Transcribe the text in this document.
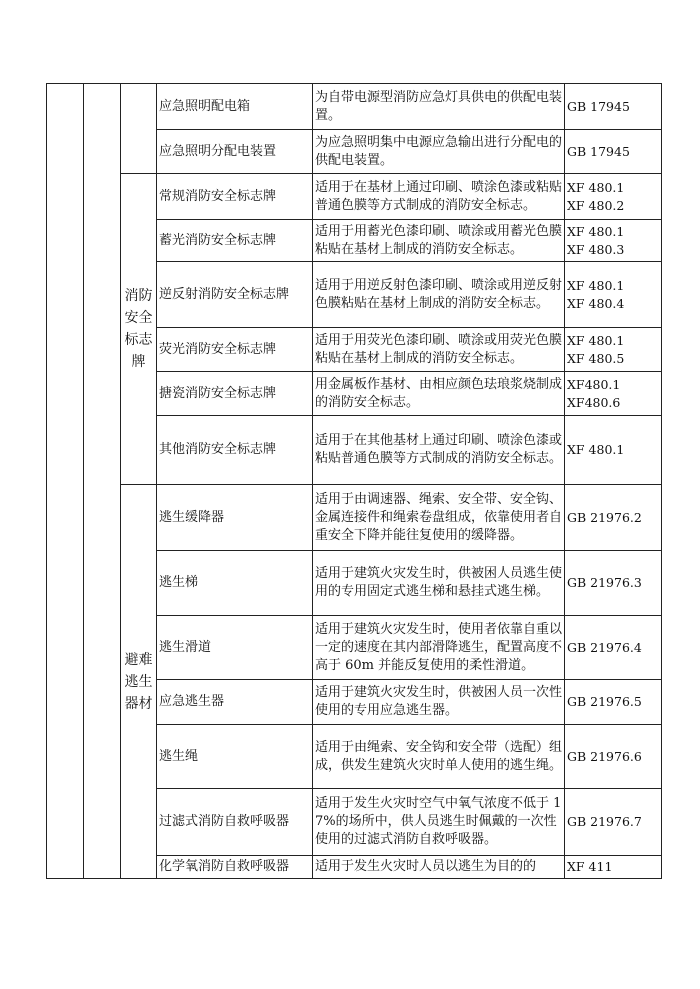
			应急照明配电箱	为自带电源型消防应急灯具供电的供配电装置。	GB 17945
			应急照明分配电装置	为应急照明集中电源应急输出进行分配电的供配电装置。	GB 17945
		消防安全标志牌	常规消防安全标志牌	适用于在基材上通过印刷、喷涂色漆或粘贴普通色膜等方式制成的消防安全标志。	XF 480.1
XF 480.2
			蓄光消防安全标志牌	适用于用蓄光色漆印刷、喷涂或用蓄光色膜粘贴在基材上制成的消防安全标志。	XF 480.1
XF 480.3
			逆反射消防安全标志牌	适用于用逆反射色漆印刷、喷涂或用逆反射色膜粘贴在基材上制成的消防安全标志。	XF 480.1
XF 480.4
			荧光消防安全标志牌	适用于用荧光色漆印刷、喷涂或用荧光色膜粘贴在基材上制成的消防安全标志。	XF 480.1
XF 480.5
			搪瓷消防安全标志牌	用金属板作基材、由相应颜色珐琅浆烧制成的消防安全标志。	XF480.1
XF480.6
			其他消防安全标志牌	适用于在其他基材上通过印刷、喷涂色漆或粘贴普通色膜等方式制成的消防安全标志。	XF 480.1
		避难逃生器材	逃生缓降器	适用于由调速器、绳索、安全带、安全钩、金属连接件和绳索卷盘组成，依靠使用者自重安全下降并能往复使用的缓降器。	GB 21976.2
			逃生梯	适用于建筑火灾发生时，供被困人员逃生使用的专用固定式逃生梯和悬挂式逃生梯。	GB 21976.3
			逃生滑道	适用于建筑火灾发生时，使用者依靠自重以一定的速度在其内部滑降逃生，配置高度不高于 60m 并能反复使用的柔性滑道。	GB 21976.4
			应急逃生器	适用于建筑火灾发生时，供被困人员一次性使用的专用应急逃生器。	GB 21976.5
			逃生绳	适用于由绳索、安全钩和安全带（选配）组成，供发生建筑火灾时单人使用的逃生绳。	GB 21976.6
			过滤式消防自救呼吸器	适用于发生火灾时空气中氧气浓度不低于 17%的场所中，供人员逃生时佩戴的一次性使用的过滤式消防自救呼吸器。	GB 21976.7
			化学氧消防自救呼吸器	适用于发生火灾时人员以逃生为目的的	XF 411
